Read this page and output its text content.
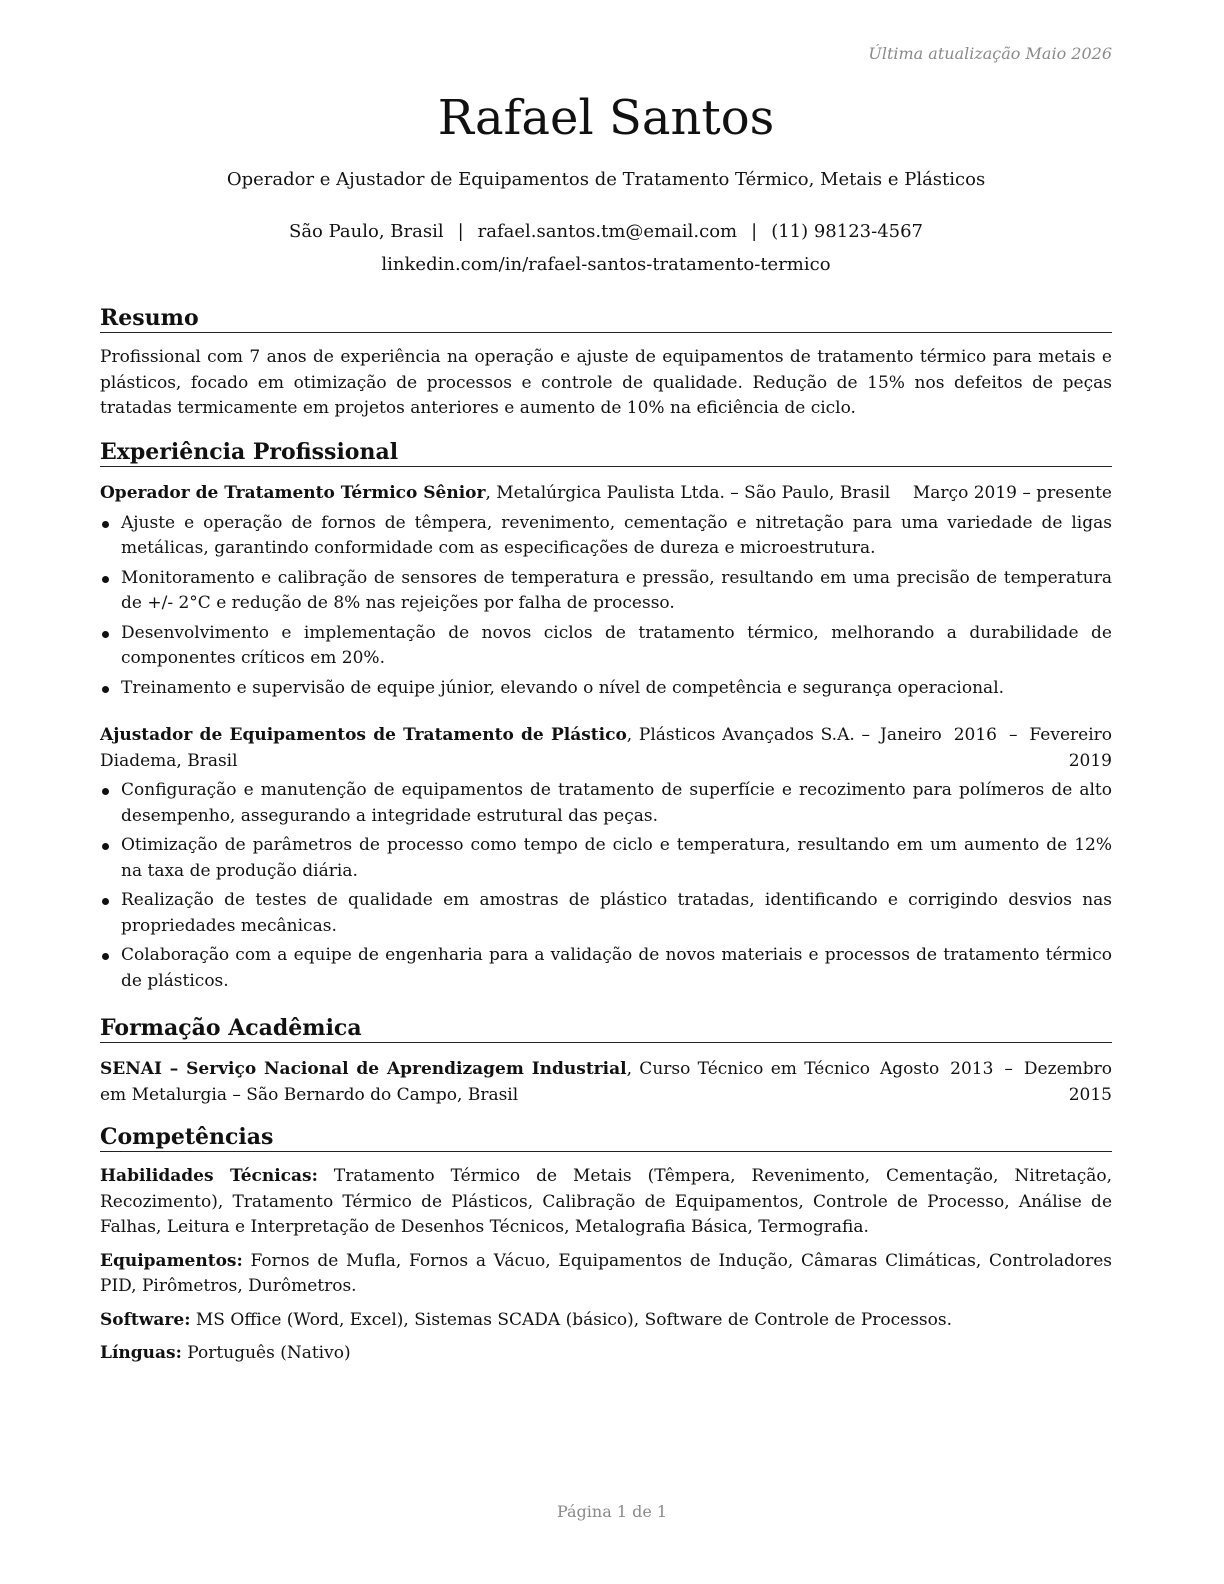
Última atualização Maio 2026
Rafael Santos
Operador e Ajustador de Equipamentos de Tratamento Térmico, Metais e Plásticos
São Paulo, Brasil | rafael.santos.tm@email.com | (11) 98123-4567
linkedin.com/in/rafael-santos-tratamento-termico
Resumo
Profissional com 7 anos de experiência na operação e ajuste de equipamentos de tratamento térmico para metais e plásticos, focado em otimização de processos e controle de qualidade. Redução de 15% nos defeitos de peças tratadas termicamente em projetos anteriores e aumento de 10% na eficiência de ciclo.
Experiência Profissional
Operador de Tratamento Térmico Sênior, Metalúrgica Paulista Ltda. – São Paulo, Brasil	Março 2019 – presente
Ajuste e operação de fornos de têmpera, revenimento, cementação e nitretação para uma variedade de ligas metálicas, garantindo conformidade com as especificações de dureza e microestrutura.
Monitoramento e calibração de sensores de temperatura e pressão, resultando em uma precisão de temperatura de +/- 2°C e redução de 8% nas rejeições por falha de processo.
Desenvolvimento e implementação de novos ciclos de tratamento térmico, melhorando a durabilidade de componentes críticos em 20%.
Treinamento e supervisão de equipe júnior, elevando o nível de competência e segurança operacional.
Ajustador de Equipamentos de Tratamento de Plástico, Plásticos Avançados S.A. – Diadema, Brasil
Janeiro 2016 – Fevereiro 2019
Configuração e manutenção de equipamentos de tratamento de superfície e recozimento para polímeros de alto desempenho, assegurando a integridade estrutural das peças.
Otimização de parâmetros de processo como tempo de ciclo e temperatura, resultando em um aumento de 12% na taxa de produção diária.
Realização de testes de qualidade em amostras de plástico tratadas, identificando e corrigindo desvios nas propriedades mecânicas.
Colaboração com a equipe de engenharia para a validação de novos materiais e processos de tratamento térmico de plásticos.
Formação Acadêmica
SENAI – Serviço Nacional de Aprendizagem Industrial, Curso Técnico em Técnico em Metalurgia – São Bernardo do Campo, Brasil
Agosto 2013 – Dezembro 2015
Competências
Habilidades Técnicas: Tratamento Térmico de Metais (Têmpera, Revenimento, Cementação, Nitretação, Recozimento), Tratamento Térmico de Plásticos, Calibração de Equipamentos, Controle de Processo, Análise de Falhas, Leitura e Interpretação de Desenhos Técnicos, Metalografia Básica, Termografia.
Equipamentos: Fornos de Mufla, Fornos a Vácuo, Equipamentos de Indução, Câmaras Climáticas, Controladores PID, Pirômetros, Durômetros.
Software: MS Office (Word, Excel), Sistemas SCADA (básico), Software de Controle de Processos.
Línguas: Português (Nativo)
Página 1 de 1
